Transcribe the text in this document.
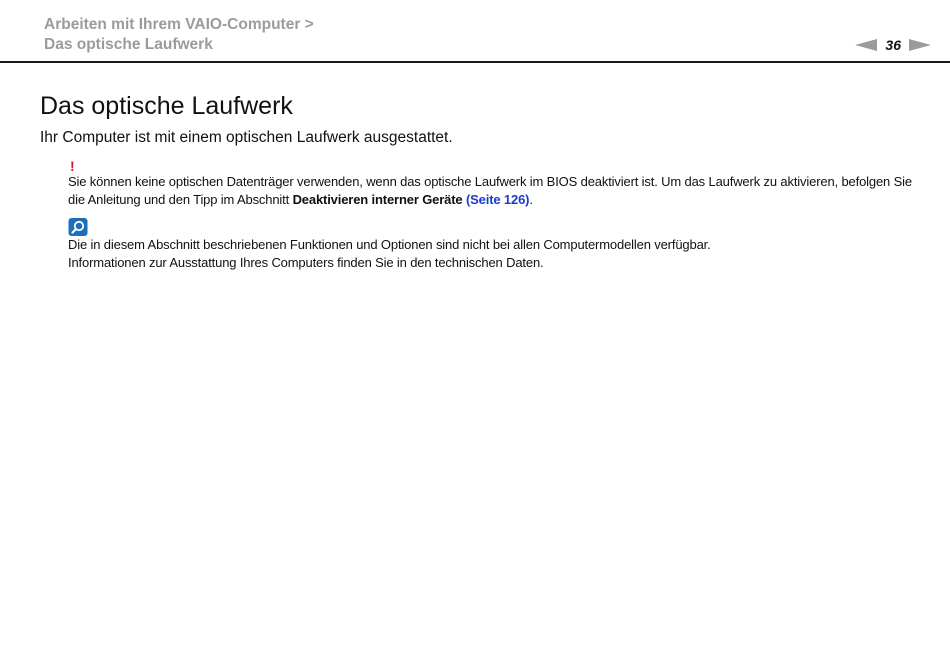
Arbeiten mit Ihrem VAIO-Computer >
Das optische Laufwerk	36
Das optische Laufwerk

Ihr Computer ist mit einem optischen Laufwerk ausgestattet.

!

Sie können keine optischen Datenträger verwenden, wenn das optische Laufwerk im BIOS deaktiviert ist. Um das Laufwerk zu aktivieren, befolgen Sie die Anleitung und den Tipp im Abschnitt Deaktivieren interner Geräte (Seite 126).

Die in diesem Abschnitt beschriebenen Funktionen und Optionen sind nicht bei allen Computermodellen verfügbar.

Informationen zur Ausstattung Ihres Computers finden Sie in den technischen Daten.
